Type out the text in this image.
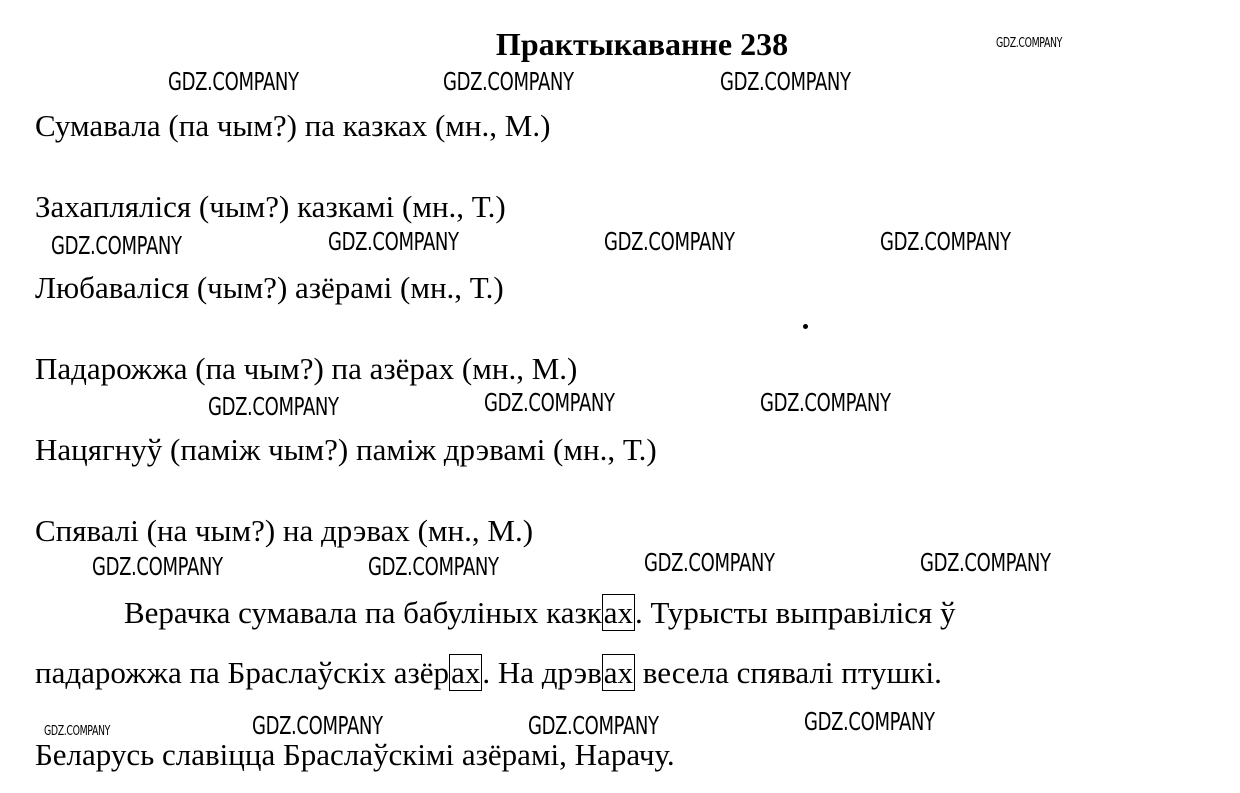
Практыкаванне 238	GDZ.COMPANY
GDZ.COMPANY	GDZ.COMPANY	GDZ.COMPANY
GDZ.COMPANY	GDZ.COMPANY	GDZ.COMPANY	GDZ.COMPANY
GDZ.COMPANY	GDZ.COMPANY	GDZ.COMPANY
GDZ.COMPANY	GDZ.COMPANY	GDZ.COMPANY	GDZ.COMPANY
GDZ.COMPANY	GDZ.COMPANY	GDZ.COMPANY	GDZ.COMPANY
Сумавала (па чым?) па казках (мн., М.)
Захапляліся (чым?) казкамі (мн., Т.)
Любаваліся (чым?) азёрамі (мн., Т.)
Падарожжа (па чым?) па азёрах (мн., М.)
Нацягнуў (паміж чым?) паміж дрэвамі (мн., Т.)
Спявалі (на чым?) на дрэвах (мн., М.)
Верачка сумавала па бабуліных казках. Турысты выправіліся ў
падарожжа па Браслаўскіх азёрах. На дрэвах весела спявалі птушкі.
Беларусь славіцца Браслаўскімі азёрамі, Нарачу.
